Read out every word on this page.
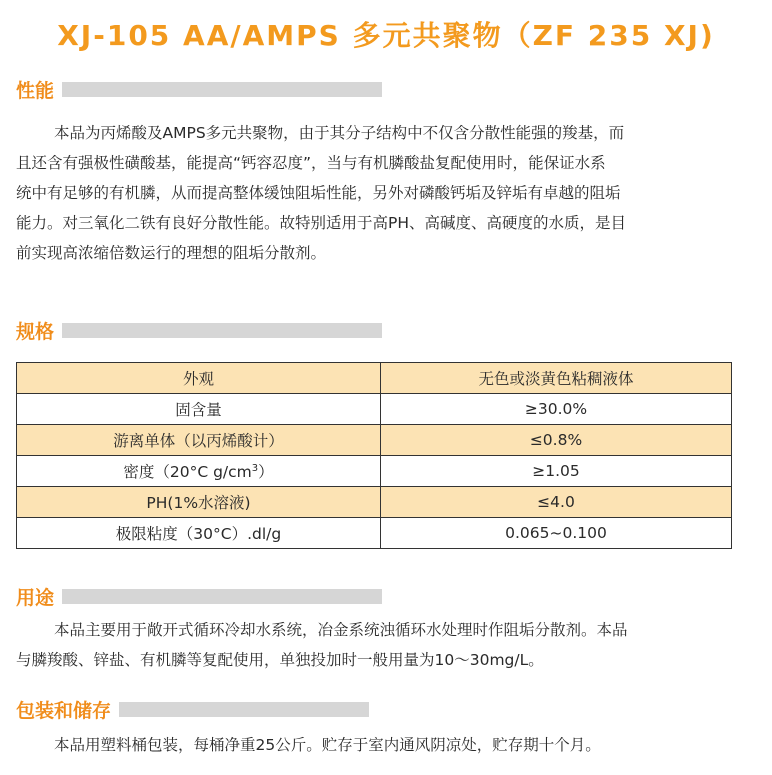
XJ-105 AA/AMPS 多元共聚物（ZF 235 XJ)
性能
本品为丙烯酸及AMPS多元共聚物，由于其分子结构中不仅含分散性能强的羧基，而
且还含有强极性磺酸基，能提高“钙容忍度”，当与有机膦酸盐复配使用时，能保证水系
统中有足够的有机膦，从而提高整体缓蚀阻垢性能，另外对磷酸钙垢及锌垢有卓越的阻垢
能力。对三氧化二铁有良好分散性能。故特别适用于高PH、高碱度、高硬度的水质，是目
前实现高浓缩倍数运行的理想的阻垢分散剂。
规格
外观	无色或淡黄色粘稠液体
固含量	≥30.0%
游离单体（以丙烯酸计）	≤0.8%
密度（20°C $g/cm^3$）	≥1.05
PH(1%水溶液)	≤4.0
极限粘度（30°C）.dl/g	0.065~0.100
用途
本品主要用于敞开式循环冷却水系统，冶金系统浊循环水处理时作阻垢分散剂。本品
与膦羧酸、锌盐、有机膦等复配使用，单独投加时一般用量为10～30mg/L。
包装和储存
本品用塑料桶包装，每桶净重25公斤。贮存于室内通风阴凉处，贮存期十个月。
